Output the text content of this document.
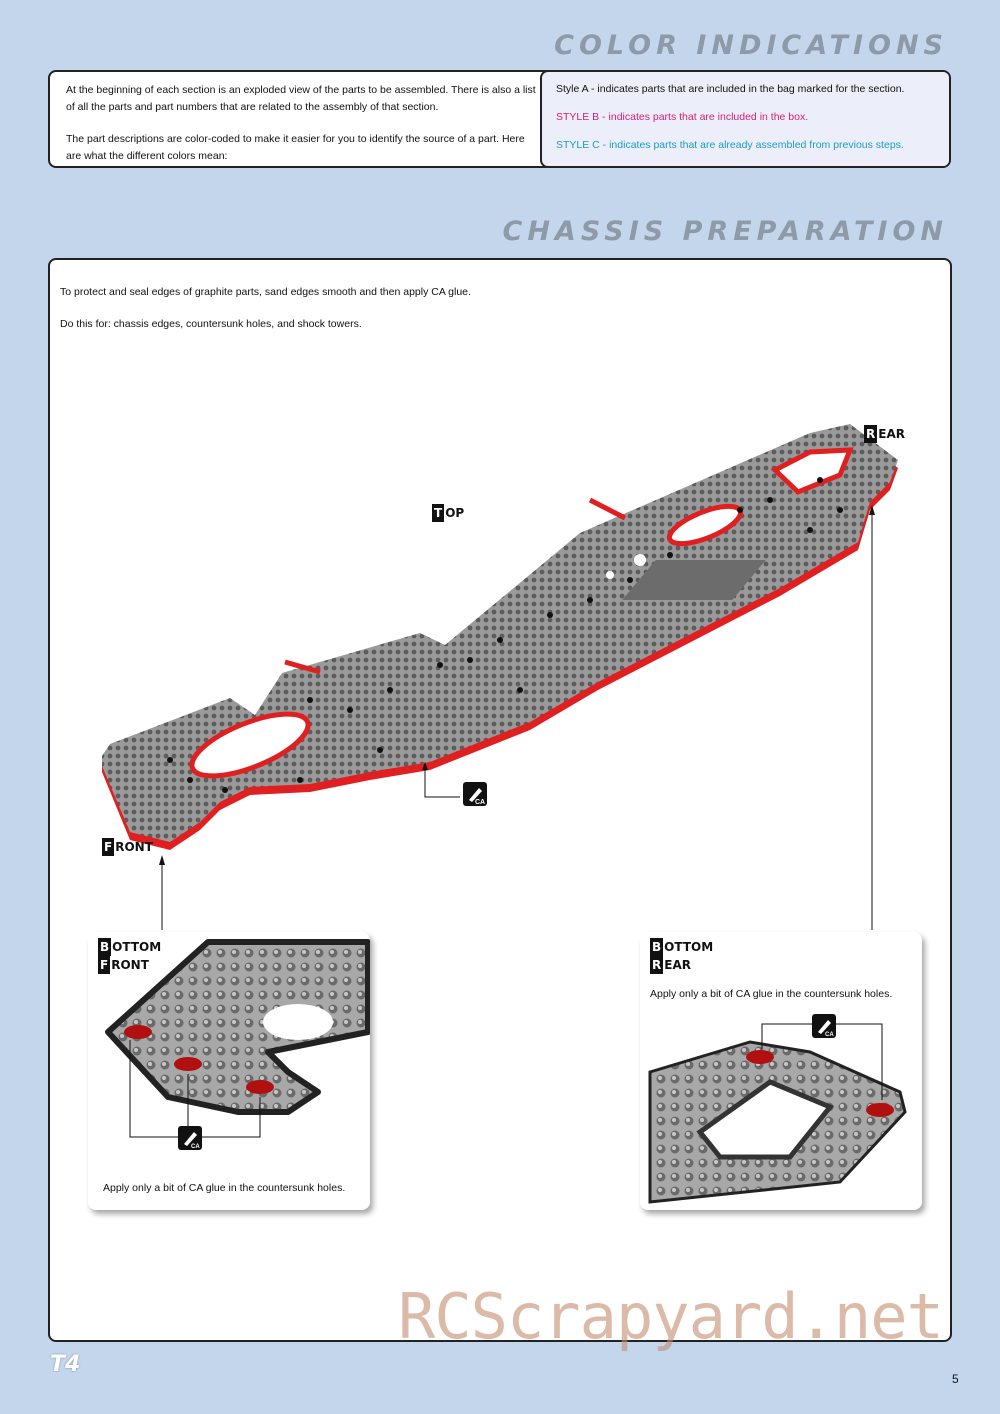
COLOR INDICATIONS

At the beginning of each section is an exploded view of the parts to be assembled. There is also a list of all the parts and part numbers that are related to the assembly of that section.

The part descriptions are color-coded to make it easier for you to identify the source of a part. Here are what the different colors mean:

Style A - indicates parts that are included in the bag marked for the section.
STYLE B - indicates parts that are included in the box.
STYLE C - indicates parts that are already assembled from previous steps.
CHASSIS PREPARATION

To protect and seal edges of graphite parts, sand edges smooth and then apply CA glue.

Do this for: chassis edges, countersunk holes, and shock towers.

CA
T OP
R EAR
F RONT
B OTTOM
F RONT
CA
Apply only a bit of CA glue in the countersunk holes.
B OTTOM
R EAR
Apply only a bit of CA glue in the countersunk holes.
CA
T4
5
RCScrapyard.net
